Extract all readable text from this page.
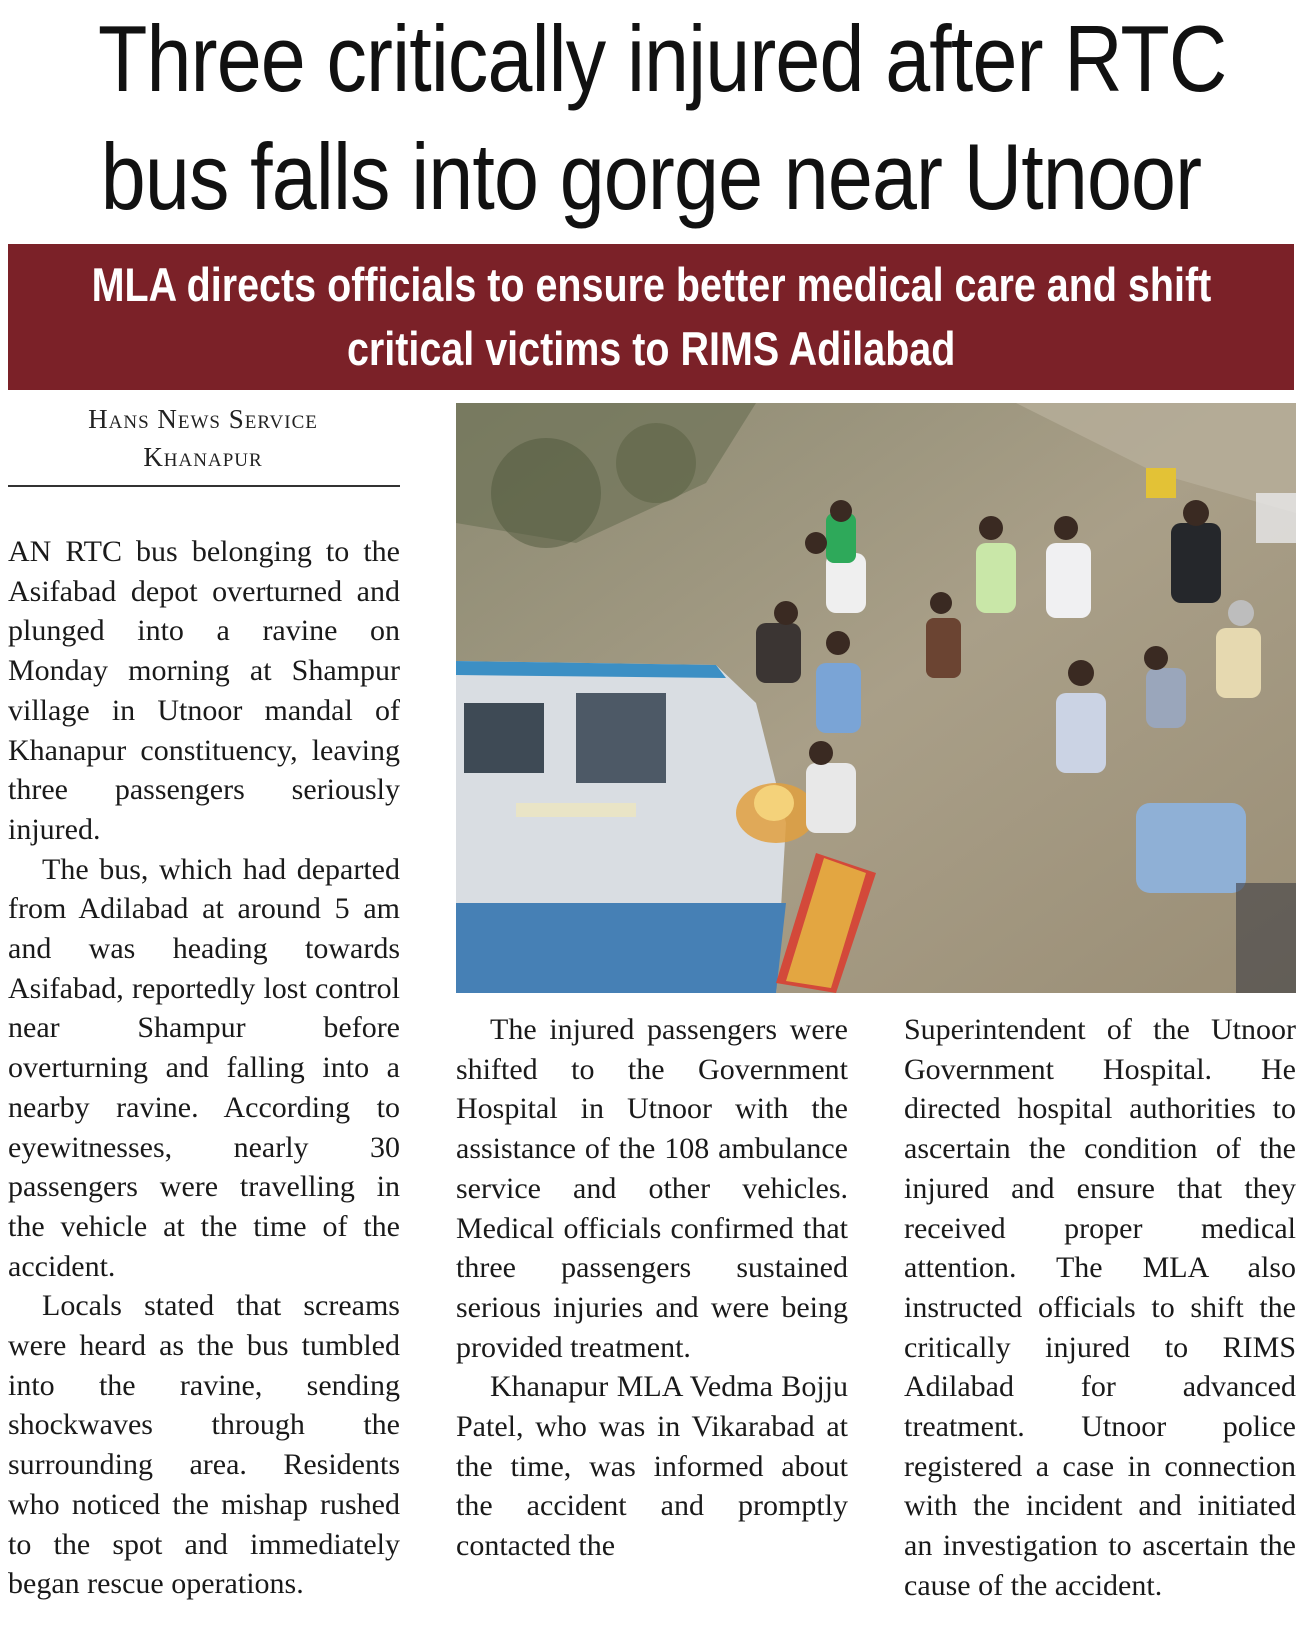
Three critically injured after RTC
bus falls into gorge near Utnoor
MLA directs officials to ensure better medical care and shift
critical victims to RIMS Adilabad
Hans News Service
Khanapur

AN RTC bus belonging to the Asifabad depot overturned and plunged into a ravine on Monday morning at Shampur village in Utnoor mandal of Khanapur constituency, leaving three passengers seriously injured.

The bus, which had departed from Adilabad at around 5 am and was heading towards Asifabad, reportedly lost control near Shampur before overturning and falling into a nearby ravine. According to eyewitnesses, nearly 30 passengers were travelling in the vehicle at the time of the accident.

Locals stated that screams were heard as the bus tumbled into the ravine, sending shockwaves through the surrounding area. Residents who noticed the mishap rushed to the spot and immediately began rescue operations.

The injured passengers were shifted to the Government Hospital in Utnoor with the assistance of the 108 ambulance service and other vehicles. Medical officials confirmed that three passengers sustained serious injuries and were being provided treatment.

Khanapur MLA Vedma Bojju Patel, who was in Vikarabad at the time, was informed about the accident and promptly contacted the

Superintendent of the Utnoor Government Hospital. He directed hospital authorities to ascertain the condition of the injured and ensure that they received proper medical attention. The MLA also instructed officials to shift the critically injured to RIMS Adilabad for advanced treatment. Utnoor police registered a case in connection with the incident and initiated an investigation to ascertain the cause of the accident.
